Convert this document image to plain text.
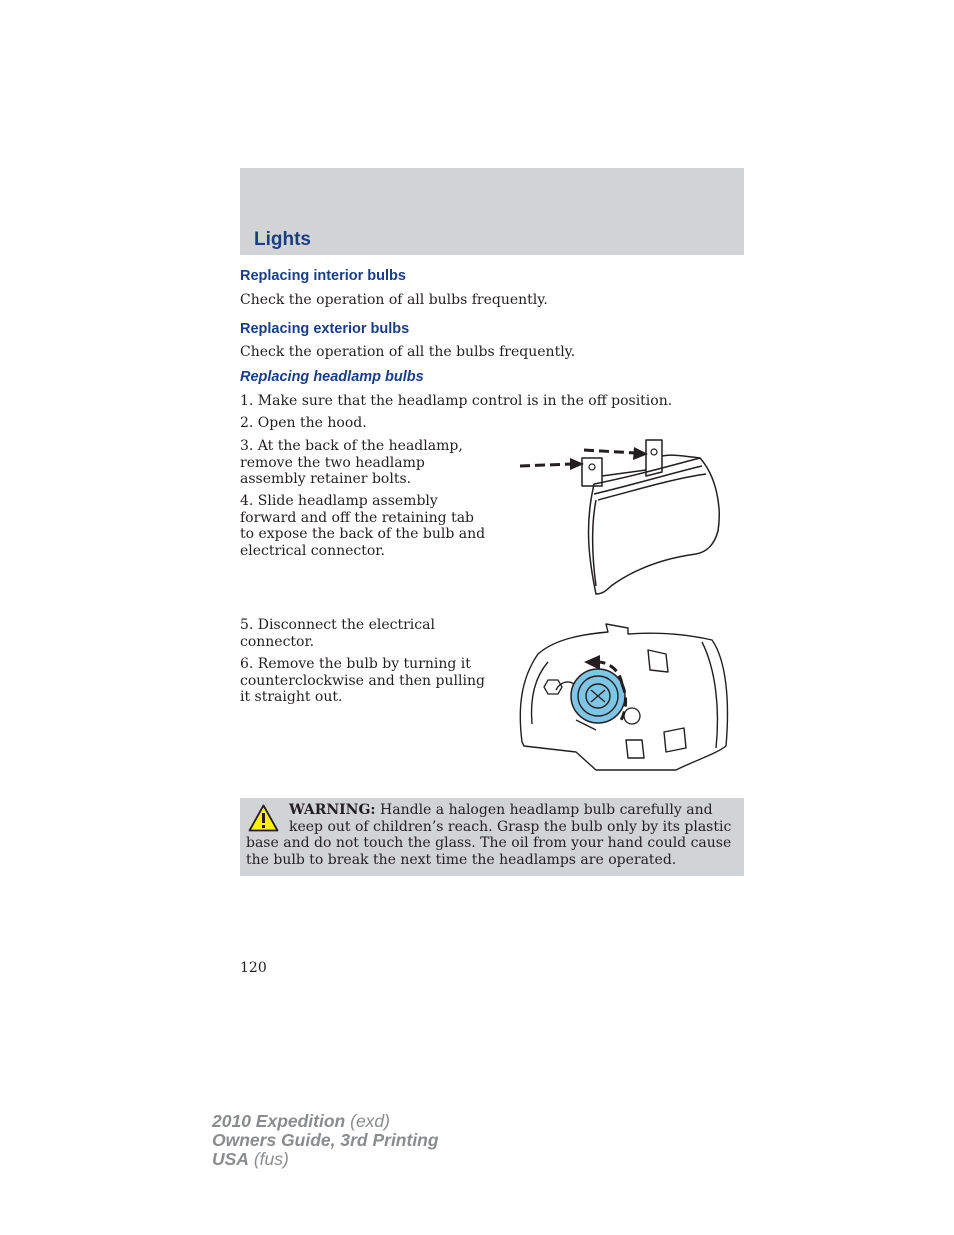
Lights
Replacing interior bulbs

Check the operation of all bulbs frequently.

Replacing exterior bulbs

Check the operation of all the bulbs frequently.

Replacing headlamp bulbs

1. Make sure that the headlamp control is in the off position.

2. Open the hood.

3. At the back of the headlamp, remove the two headlamp assembly retainer bolts.

4. Slide headlamp assembly forward and off the retaining tab to expose the back of the bulb and electrical connector.

5. Disconnect the electrical connector.

6. Remove the bulb by turning it counterclockwise and then pulling it straight out.

WARNING: Handle a halogen headlamp bulb carefully and keep out of children’s reach. Grasp the bulb only by its plastic base and do not touch the glass. The oil from your hand could cause the bulb to break the next time the headlamps are operated.

120

2010 Expedition (exd)
Owners Guide, 3rd Printing
USA (fus)
